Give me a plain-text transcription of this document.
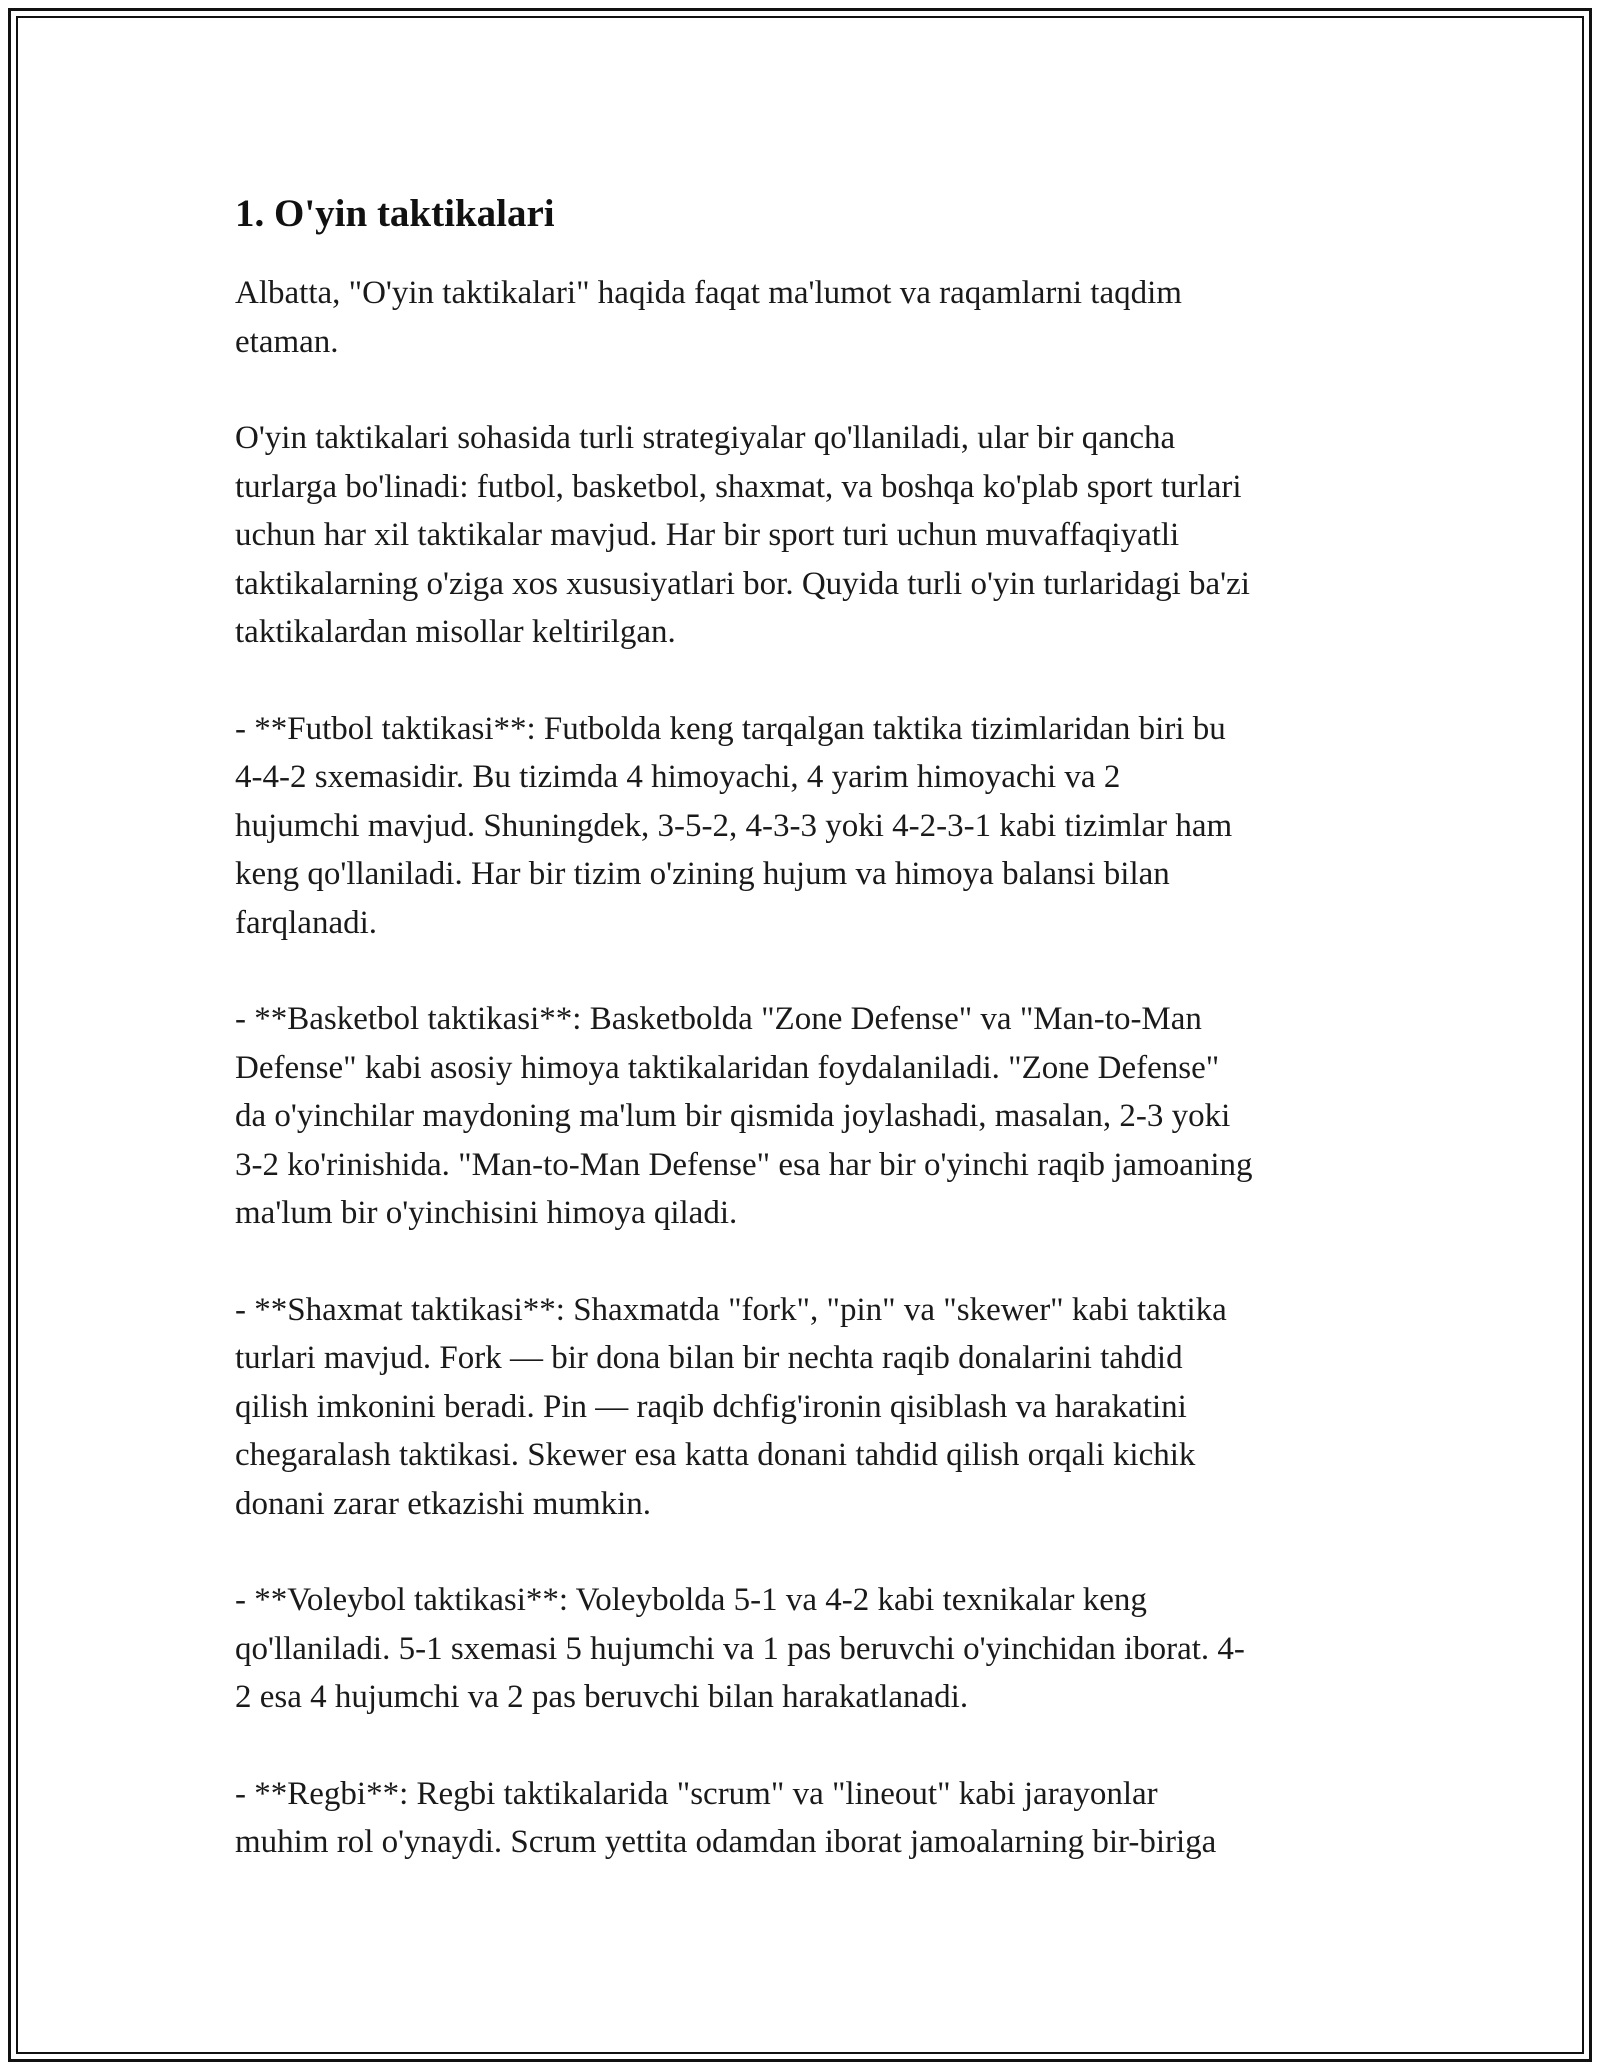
1. O'yin taktikalari

Albatta, "O'yin taktikalari" haqida faqat ma'lumot va raqamlarni taqdim
etaman.

O'yin taktikalari sohasida turli strategiyalar qo'llaniladi, ular bir qancha
turlarga bo'linadi: futbol, basketbol, shaxmat, va boshqa ko'plab sport turlari
uchun har xil taktikalar mavjud. Har bir sport turi uchun muvaffaqiyatli
taktikalarning o'ziga xos xususiyatlari bor. Quyida turli o'yin turlaridagi ba'zi
taktikalardan misollar keltirilgan.

- **Futbol taktikasi**: Futbolda keng tarqalgan taktika tizimlaridan biri bu
4-4-2 sxemasidir. Bu tizimda 4 himoyachi, 4 yarim himoyachi va 2
hujumchi mavjud. Shuningdek, 3-5-2, 4-3-3 yoki 4-2-3-1 kabi tizimlar ham
keng qo'llaniladi. Har bir tizim o'zining hujum va himoya balansi bilan
farqlanadi.

- **Basketbol taktikasi**: Basketbolda "Zone Defense" va "Man-to-Man
Defense" kabi asosiy himoya taktikalaridan foydalaniladi. "Zone Defense"
da o'yinchilar maydoning ma'lum bir qismida joylashadi, masalan, 2-3 yoki
3-2 ko'rinishida. "Man-to-Man Defense" esa har bir o'yinchi raqib jamoaning
ma'lum bir o'yinchisini himoya qiladi.

- **Shaxmat taktikasi**: Shaxmatda "fork", "pin" va "skewer" kabi taktika
turlari mavjud. Fork — bir dona bilan bir nechta raqib donalarini tahdid
qilish imkonini beradi. Pin — raqib dchfig'ironin qisiblash va harakatini
chegaralash taktikasi. Skewer esa katta donani tahdid qilish orqali kichik
donani zarar etkazishi mumkin.

- **Voleybol taktikasi**: Voleybolda 5-1 va 4-2 kabi texnikalar keng
qo'llaniladi. 5-1 sxemasi 5 hujumchi va 1 pas beruvchi o'yinchidan iborat. 4-
2 esa 4 hujumchi va 2 pas beruvchi bilan harakatlanadi.

- **Regbi**: Regbi taktikalarida "scrum" va "lineout" kabi jarayonlar
muhim rol o'ynaydi. Scrum yettita odamdan iborat jamoalarning bir-biriga
